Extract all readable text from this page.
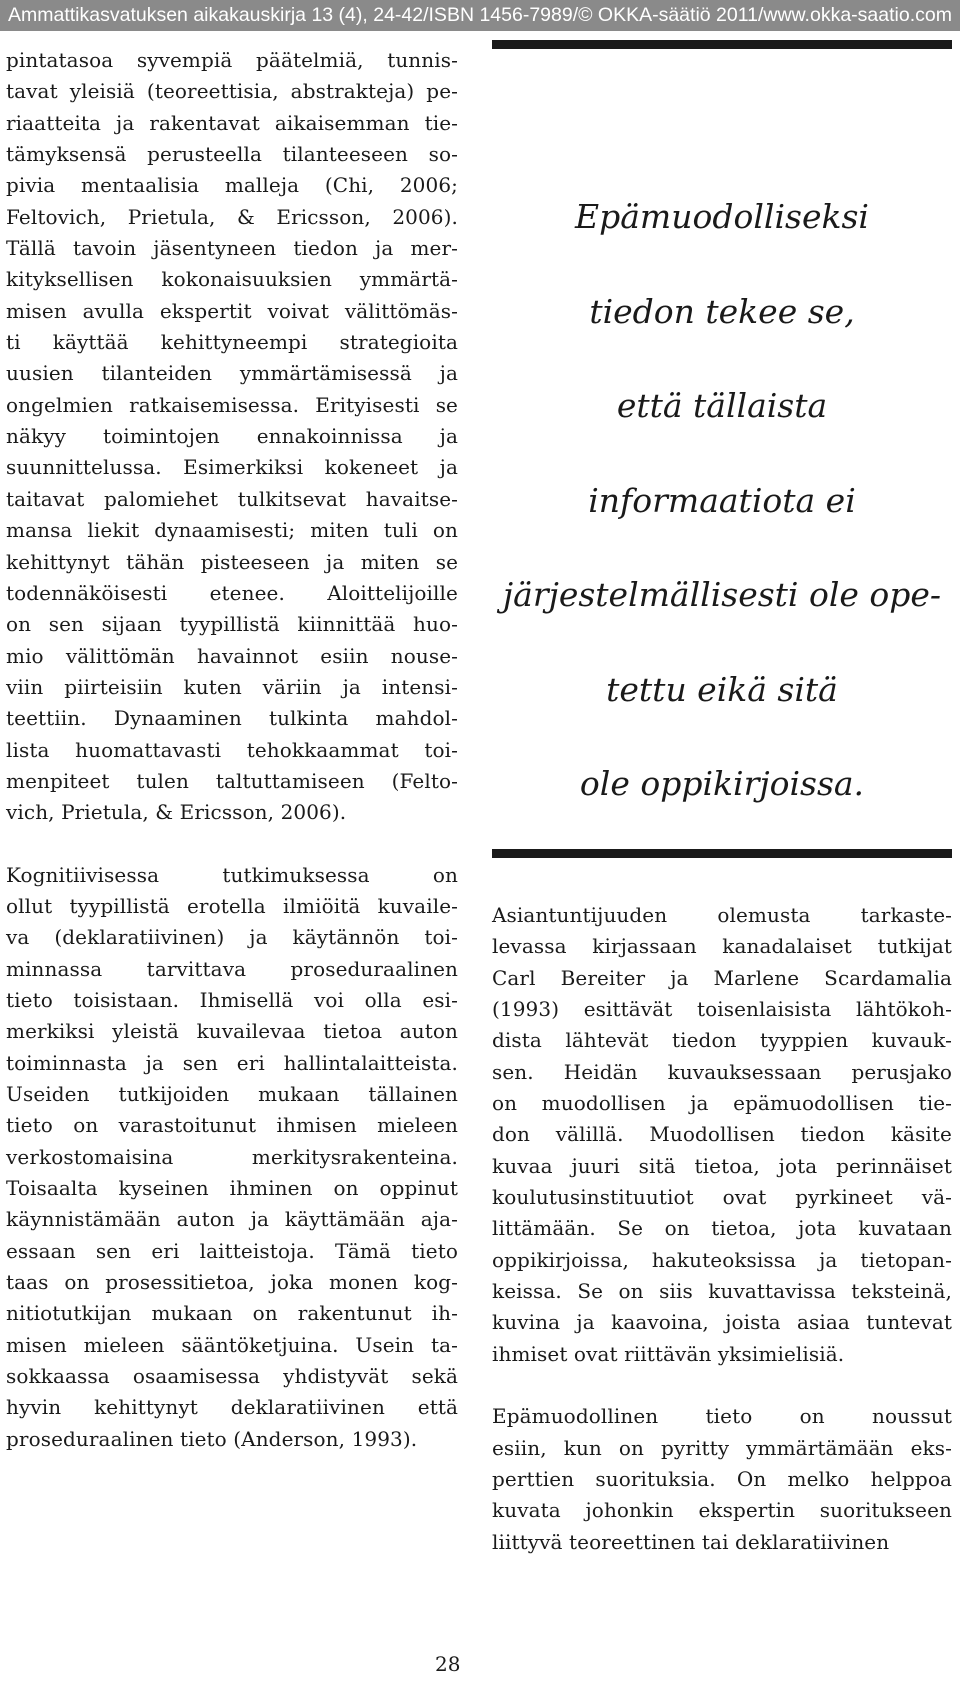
Ammattikasvatuksen aikakauskirja 13 (4), 24-42/ISBN 1456-7989/© OKKA-säätiö 2011/www.okka-saatio.com

pintatasoa syvempiä päätelmiä, tunnis-
tavat yleisiä (teoreettisia, abstrakteja) pe-
riaatteita ja rakentavat aikaisemman tie-
tämyksensä perusteella tilanteeseen so-
pivia mentaalisia malleja (Chi, 2006;
Feltovich, Prietula, & Ericsson, 2006).
Tällä tavoin jäsentyneen tiedon ja mer-
kityksellisen kokonaisuuksien ymmärtä-
misen avulla ekspertit voivat välittömäs-
ti käyttää kehittyneempi strategioita
uusien tilanteiden ymmärtämisessä ja
ongelmien ratkaisemisessa. Erityisesti se
näkyy toimintojen ennakoinnissa ja
suunnittelussa. Esimerkiksi kokeneet ja
taitavat palomiehet tulkitsevat havaitse-
mansa liekit dynaamisesti; miten tuli on
kehittynyt tähän pisteeseen ja miten se
todennäköisesti etenee. Aloittelijoille
on sen sijaan tyypillistä kiinnittää huo-
mio välittömän havainnot esiin nouse-
viin piirteisiin kuten väriin ja intensi-
teettiin. Dynaaminen tulkinta mahdol-
lista huomattavasti tehokkaammat toi-
menpiteet tulen taltuttamiseen (Felto-
vich, Prietula, & Ericsson, 2006).

Kognitiivisessa tutkimuksessa on
ollut tyypillistä erotella ilmiöitä kuvaile-
va (deklaratiivinen) ja käytännön toi-
minnassa tarvittava proseduraalinen
tieto toisistaan. Ihmisellä voi olla esi-
merkiksi yleistä kuvailevaa tietoa auton
toiminnasta ja sen eri hallintalaitteista.
Useiden tutkijoiden mukaan tällainen
tieto on varastoitunut ihmisen mieleen
verkostomaisina merkitysrakenteina.
Toisaalta kyseinen ihminen on oppinut
käynnistämään auton ja käyttämään aja-
essaan sen eri laitteistoja. Tämä tieto
taas on prosessitietoa, joka monen kog-
nitiotutkijan mukaan on rakentunut ih-
misen mieleen sääntöketjuina. Usein ta-
sokkaassa osaamisessa yhdistyvät sekä
hyvin kehittynyt deklaratiivinen että
proseduraalinen tieto (Anderson, 1993).

Epämuodolliseksi
tiedon tekee se,
että tällaista
informaatiota ei
järjestelmällisesti ole ope-
tettu eikä sitä
ole oppikirjoissa.

Asiantuntijuuden olemusta tarkaste-
levassa kirjassaan kanadalaiset tutkijat
Carl Bereiter ja Marlene Scardamalia
(1993) esittävät toisenlaisista lähtökoh-
dista lähtevät tiedon tyyppien kuvauk-
sen. Heidän kuvauksessaan perusjako
on muodollisen ja epämuodollisen tie-
don välillä. Muodollisen tiedon käsite
kuvaa juuri sitä tietoa, jota perinnäiset
koulutusinstituutiot ovat pyrkineet vä-
littämään. Se on tietoa, jota kuvataan
oppikirjoissa, hakuteoksissa ja tietopan-
keissa. Se on siis kuvattavissa teksteinä,
kuvina ja kaavoina, joista asiaa tuntevat
ihmiset ovat riittävän yksimielisiä.

Epämuodollinen tieto on noussut
esiin, kun on pyritty ymmärtämään eks-
perttien suorituksia. On melko helppoa
kuvata johonkin ekspertin suoritukseen
liittyvä teoreettinen tai deklaratiivinen

28
